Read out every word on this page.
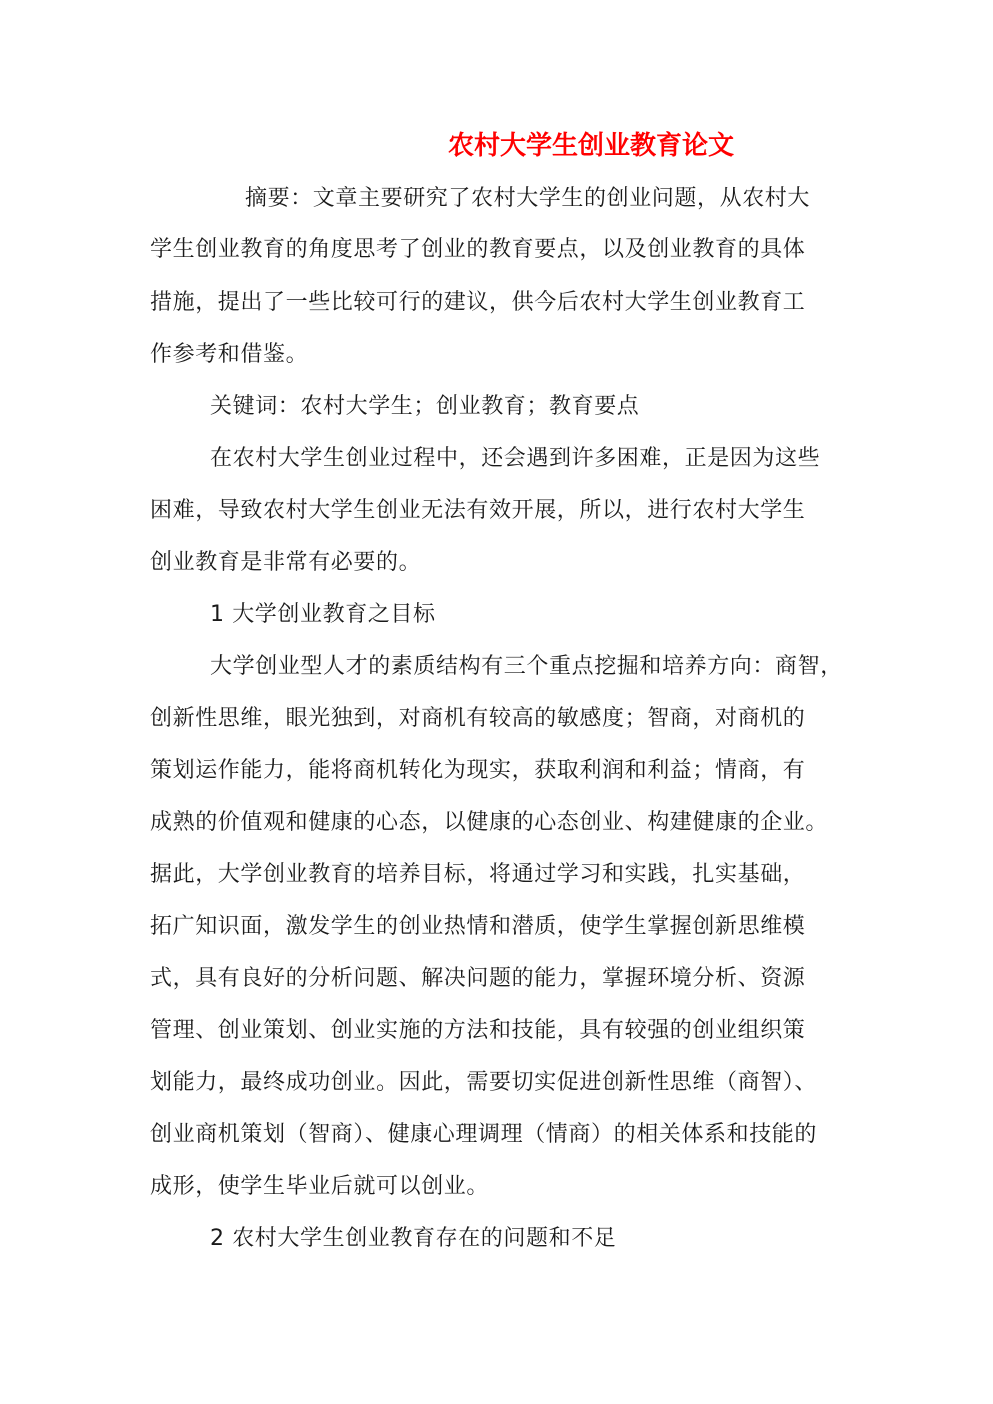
农村大学生创业教育论文
摘要：文章主要研究了农村大学生的创业问题，从农村大
学生创业教育的角度思考了创业的教育要点，以及创业教育的具体
措施，提出了一些比较可行的建议，供今后农村大学生创业教育工
作参考和借鉴。
关键词：农村大学生；创业教育；教育要点
在农村大学生创业过程中，还会遇到许多困难，正是因为这些
困难，导致农村大学生创业无法有效开展，所以，进行农村大学生
创业教育是非常有必要的。
1 大学创业教育之目标
大学创业型人才的素质结构有三个重点挖掘和培养方向：商智，
创新性思维，眼光独到，对商机有较高的敏感度；智商，对商机的
策划运作能力，能将商机转化为现实，获取利润和利益；情商，有
成熟的价值观和健康的心态，以健康的心态创业、构建健康的企业。
据此，大学创业教育的培养目标，将通过学习和实践，扎实基础，
拓广知识面，激发学生的创业热情和潜质，使学生掌握创新思维模
式，具有良好的分析问题、解决问题的能力，掌握环境分析、资源
管理、创业策划、创业实施的方法和技能，具有较强的创业组织策
划能力，最终成功创业。因此，需要切实促进创新性思维（商智）、
创业商机策划（智商）、健康心理调理（情商）的相关体系和技能的
成形，使学生毕业后就可以创业。
2 农村大学生创业教育存在的问题和不足
